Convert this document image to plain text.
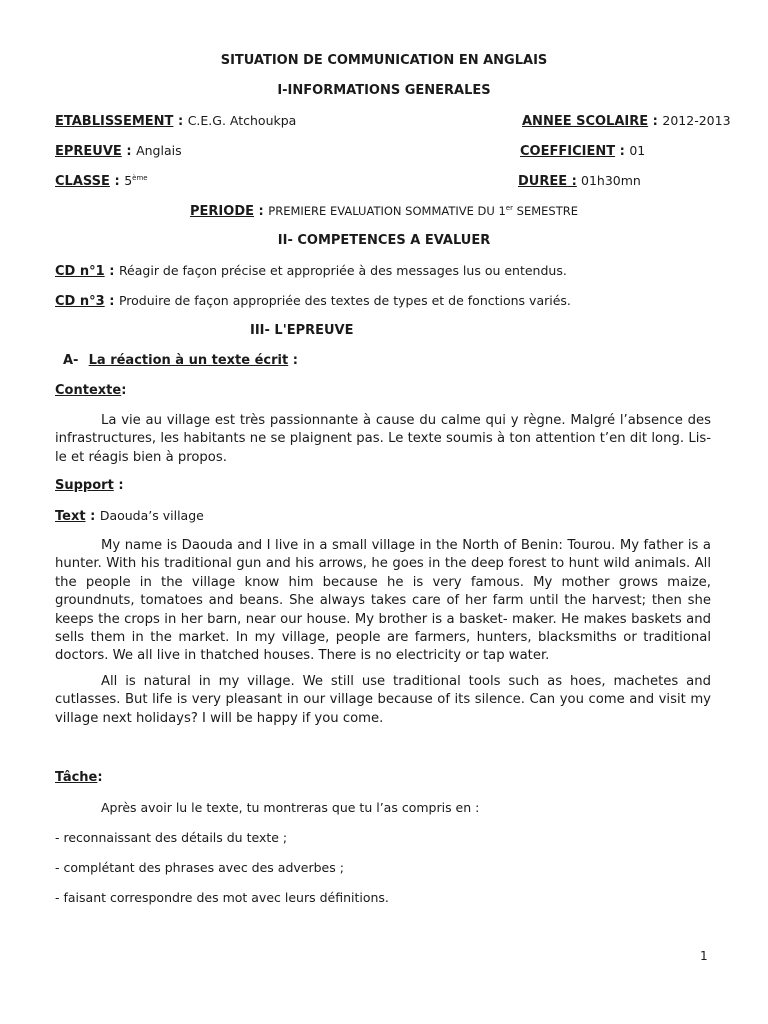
SITUATION DE COMMUNICATION EN ANGLAIS
I-INFORMATIONS GENERALES
ETABLISSEMENT : C.E.G. Atchoukpa	ANNEE SCOLAIRE : 2012-2013
EPREUVE : Anglais	COEFFICIENT : 01
CLASSE : 5ème	DUREE : 01h30mn
PERIODE : PREMIERE EVALUATION SOMMATIVE DU 1er SEMESTRE
II- COMPETENCES A EVALUER
CD n°1 : Réagir de façon précise et appropriée à des messages lus ou entendus.
CD n°3 : Produire de façon appropriée des textes de types et de fonctions variés.
III- L'EPREUVE
A- La réaction à un texte écrit :
Contexte:
La vie au village est très passionnante à cause du calme qui y règne. Malgré l’absence des infrastructures, les habitants ne se plaignent pas. Le texte soumis à ton attention t’en dit long. Lis-le et réagis bien à propos.
Support :
Text : Daouda’s village
My name is Daouda and I live in a small village in the North of Benin: Tourou. My father is a hunter. With his traditional gun and his arrows, he goes in the deep forest to hunt wild animals. All the people in the village know him because he is very famous. My mother grows maize, groundnuts, tomatoes and beans. She always takes care of her farm until the harvest; then she keeps the crops in her barn, near our house. My brother is a basket- maker. He makes baskets and sells them in the market. In my village, people are farmers, hunters, blacksmiths or traditional doctors. We all live in thatched houses. There is no electricity or tap water.
All is natural in my village. We still use traditional tools such as hoes, machetes and cutlasses. But life is very pleasant in our village because of its silence. Can you come and visit my village next holidays? I will be happy if you come.
Tâche:
Après avoir lu le texte, tu montreras que tu l’as compris en :
- reconnaissant des détails du texte ;
- complétant des phrases avec des adverbes ;
- faisant correspondre des mot avec leurs définitions.
1
